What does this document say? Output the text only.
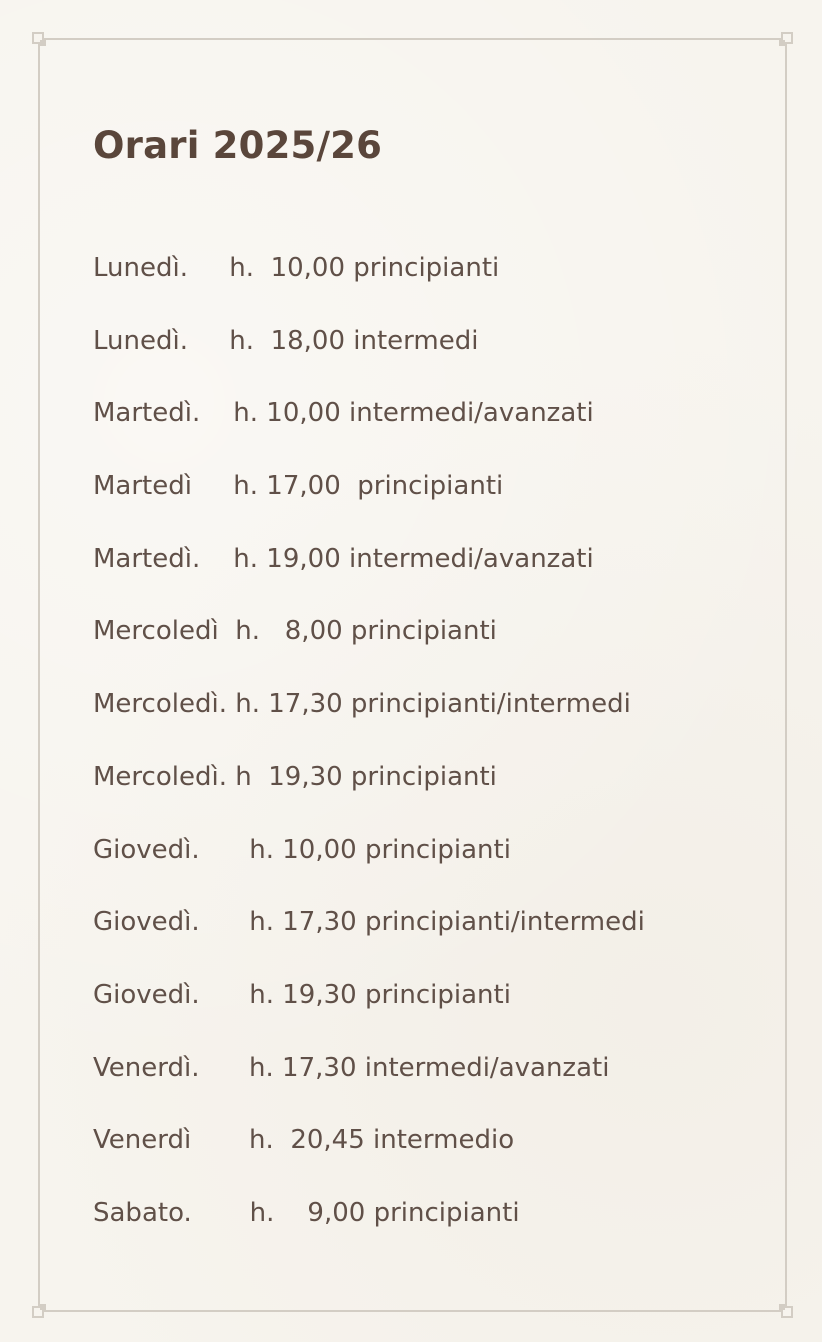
Orari 2025/26
Lunedì.     h.  10,00 principianti
Lunedì.     h.  18,00 intermedi
Martedì.    h. 10,00 intermedi/avanzati
Martedì     h. 17,00  principianti
Martedì.    h. 19,00 intermedi/avanzati
Mercoledì  h.   8,00 principianti
Mercoledì. h. 17,30 principianti/intermedi
Mercoledì. h  19,30 principianti
Giovedì.      h. 10,00 principianti
Giovedì.      h. 17,30 principianti/intermedi
Giovedì.      h. 19,30 principianti
Venerdì.      h. 17,30 intermedi/avanzati
Venerdì       h.  20,45 intermedio
Sabato.       h.    9,00 principianti
